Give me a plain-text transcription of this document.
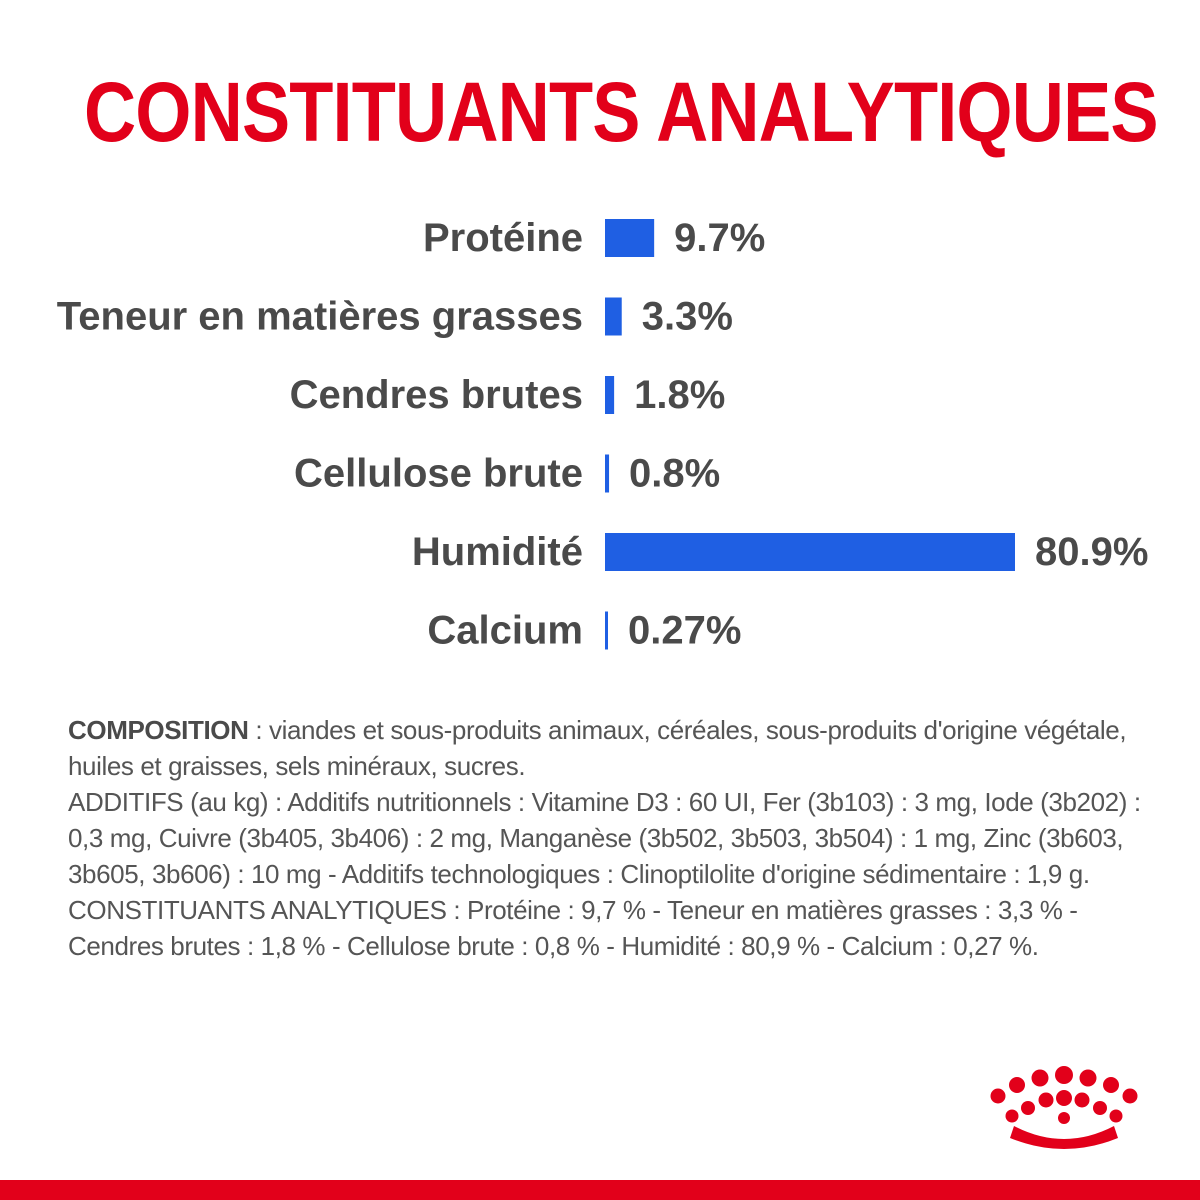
CONSTITUANTS ANALYTIQUES
Protéine 9.7%
Teneur en matières grasses 3.3%
Cendres brutes 1.8%
Cellulose brute 0.8%
Humidité	80.9%
Calcium 0.27%

COMPOSITION : viandes et sous-produits animaux, céréales, sous-produits d'origine végétale, huiles et graisses, sels minéraux, sucres.

ADDITIFS (au kg) : Additifs nutritionnels : Vitamine D3 : 60 UI, Fer (3b103) : 3 mg, Iode (3b202) : 0,3 mg, Cuivre (3b405, 3b406) : 2 mg, Manganèse (3b502, 3b503, 3b504) : 1 mg, Zinc (3b603, 3b605, 3b606) : 10 mg - Additifs technologiques : Clinoptilolite d'origine sédimentaire : 1,9 g.

CONSTITUANTS ANALYTIQUES : Protéine : 9,7 % - Teneur en matières grasses : 3,3 % - Cendres brutes : 1,8 % - Cellulose brute : 0,8 % - Humidité : 80,9 % - Calcium : 0,27 %.
